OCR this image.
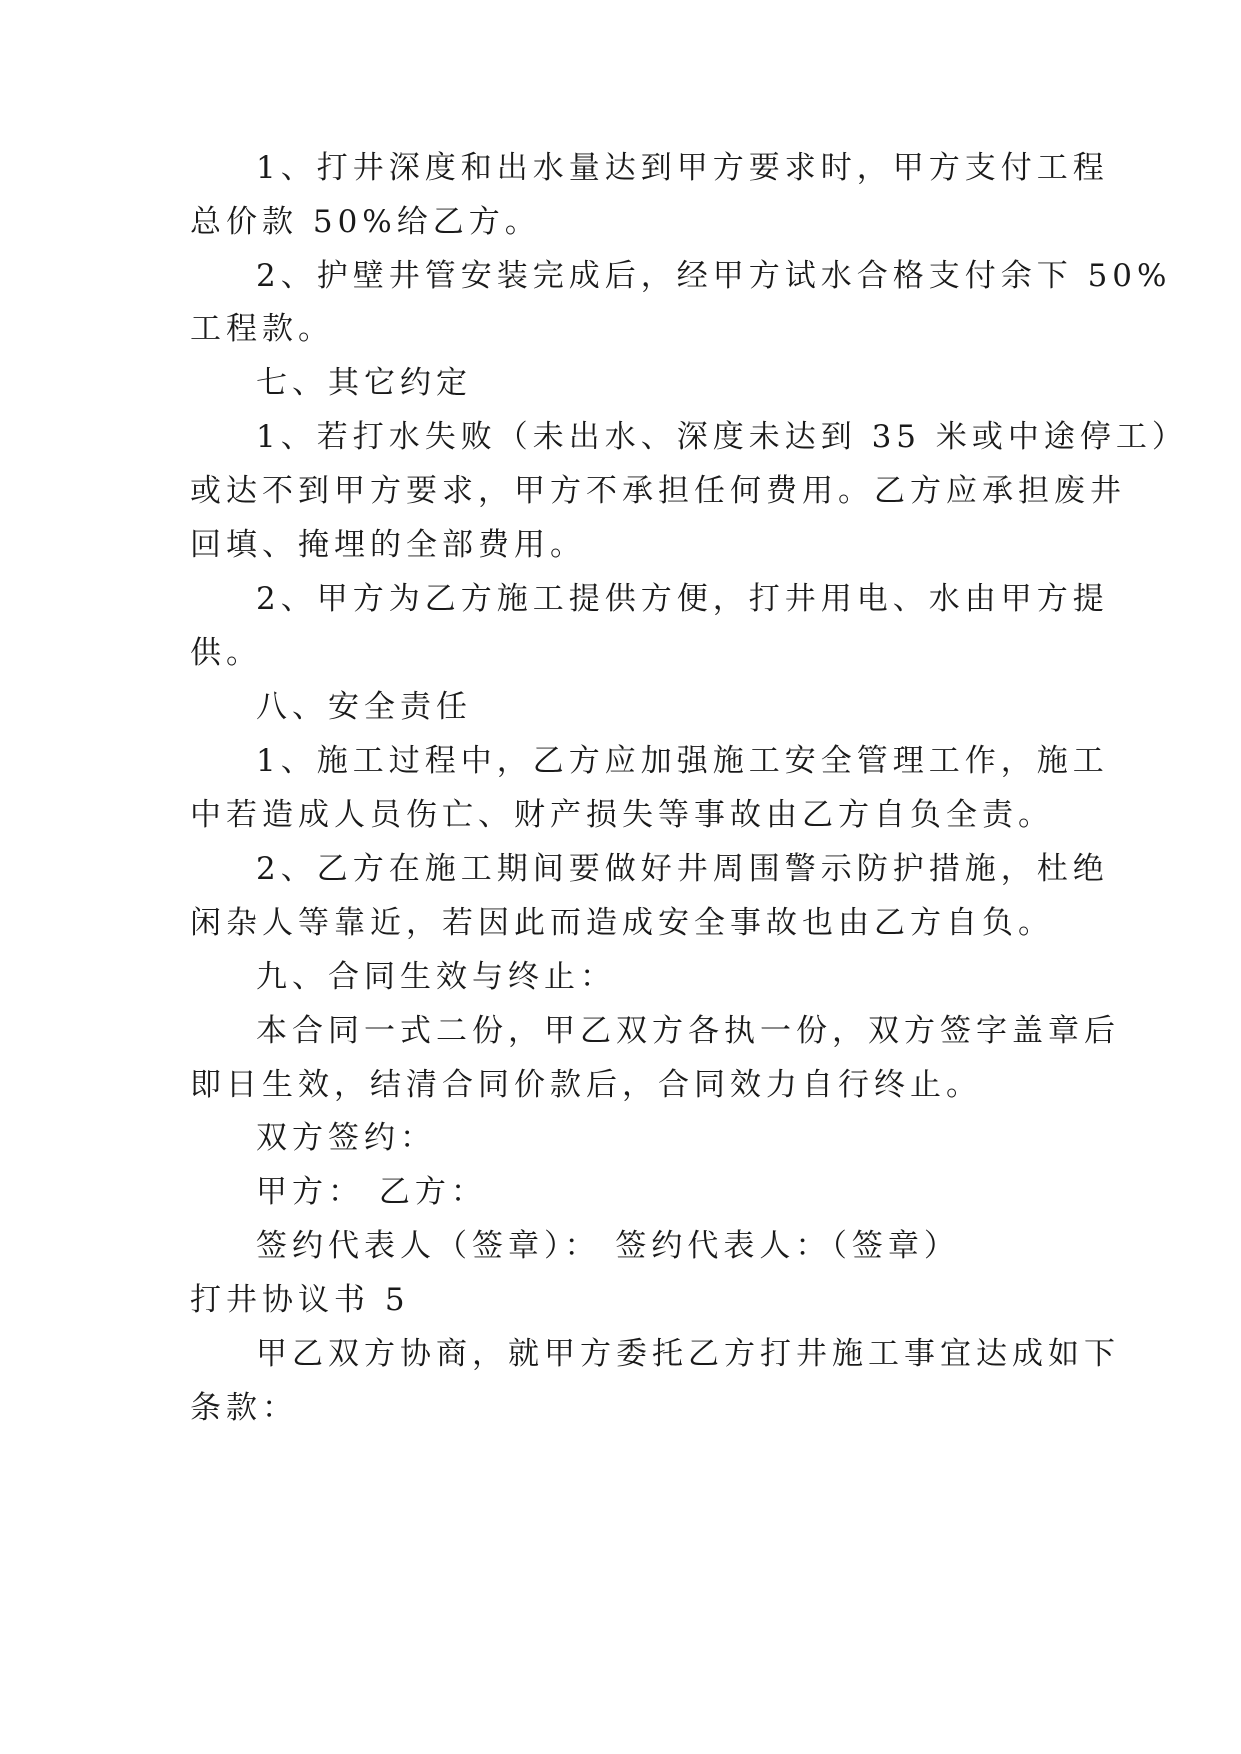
1、打井深度和出水量达到甲方要求时，甲方支付工程
总价款 50%给乙方。
2、护壁井管安装完成后，经甲方试水合格支付余下 50%
工程款。
七、其它约定
1、若打水失败（未出水、深度未达到 35 米或中途停工）
或达不到甲方要求，甲方不承担任何费用。乙方应承担废井
回填、掩埋的全部费用。
2、甲方为乙方施工提供方便，打井用电、水由甲方提
供。
八、安全责任
1、施工过程中，乙方应加强施工安全管理工作，施工
中若造成人员伤亡、财产损失等事故由乙方自负全责。
2、乙方在施工期间要做好井周围警示防护措施，杜绝
闲杂人等靠近，若因此而造成安全事故也由乙方自负。
九、合同生效与终止：
本合同一式二份，甲乙双方各执一份，双方签字盖章后
即日生效，结清合同价款后，合同效力自行终止。
双方签约：
甲方： 乙方：
签约代表人（签章）： 签约代表人：（签章）
打井协议书 5
甲乙双方协商，就甲方委托乙方打井施工事宜达成如下
条款：
